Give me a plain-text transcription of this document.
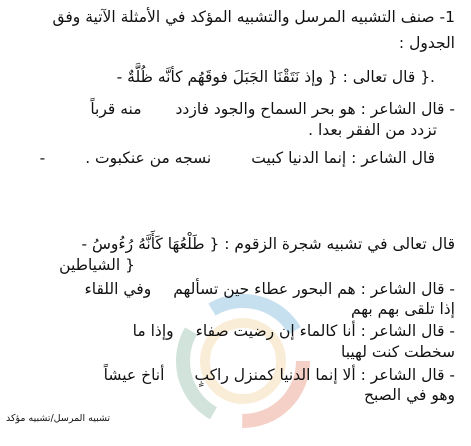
1- صنف التشبيه المرسل والتشبيه المؤكد في الأمثلة الآتية وفق
الجدول :
.{ قال تعالى : { وإذ نَتَقْنَا الجَبَلَ فوقَهُم كأنَّه ظُلَّةٌ -
- قال الشاعر : هو بحر السماح والجود فازددمنه قرباً
تزدد من الفقر بعدا .
قال الشاعر : إنما الدنيا كبيتنسجه من عنكبوت .-
قال تعالى في تشبيه شجرة الزقوم : { طَلْعُهَا كَأَنَّهُ رُءُوسُ -
{ الشياطين
- قال الشاعر : هم البحور عطاء حين تسألهموفي اللقاء
إذا تلقى بهم بهم
- قال الشاعر : أنا كالماء إن رضيت صفاءوإذا ما
سخطت كنت لهيبا
- قال الشاعر : ألا إنما الدنيا كمنزل راكبٍأناخ عيشاً
وهو في الصبح
تشبيه المرسل/تشبيه مؤكد
